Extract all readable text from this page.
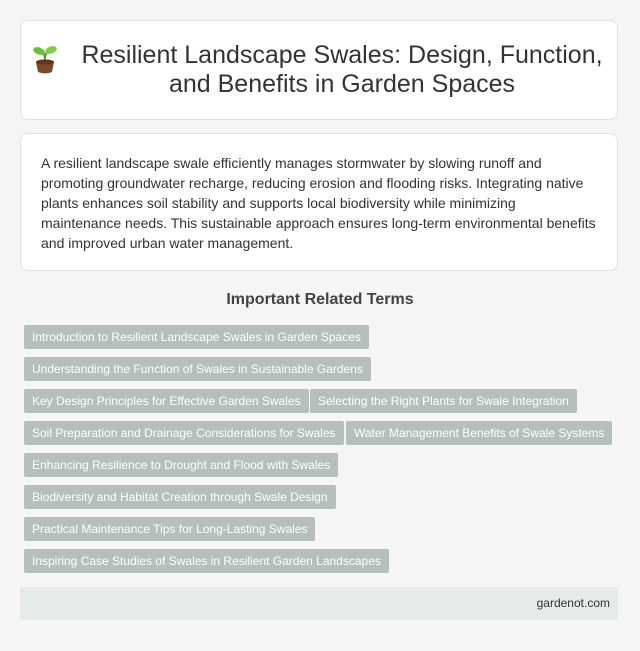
Resilient Landscape Swales: Design, Function, and Benefits in Garden Spaces

A resilient landscape swale efficiently manages stormwater by slowing runoff and promoting groundwater recharge, reducing erosion and flooding risks. Integrating native plants enhances soil stability and supports local biodiversity while minimizing maintenance needs. This sustainable approach ensures long-term environmental benefits and improved urban water management.

Important Related Terms
Introduction to Resilient Landscape Swales in Garden Spaces
Understanding the Function of Swales in Sustainable Gardens
Key Design Principles for Effective Garden Swales	Selecting the Right Plants for Swale Integration
Soil Preparation and Drainage Considerations for Swales	Water Management Benefits of Swale Systems
Enhancing Resilience to Drought and Flood with Swales
Biodiversity and Habitat Creation through Swale Design
Practical Maintenance Tips for Long-Lasting Swales
Inspiring Case Studies of Swales in Resilient Garden Landscapes
gardenot.com
